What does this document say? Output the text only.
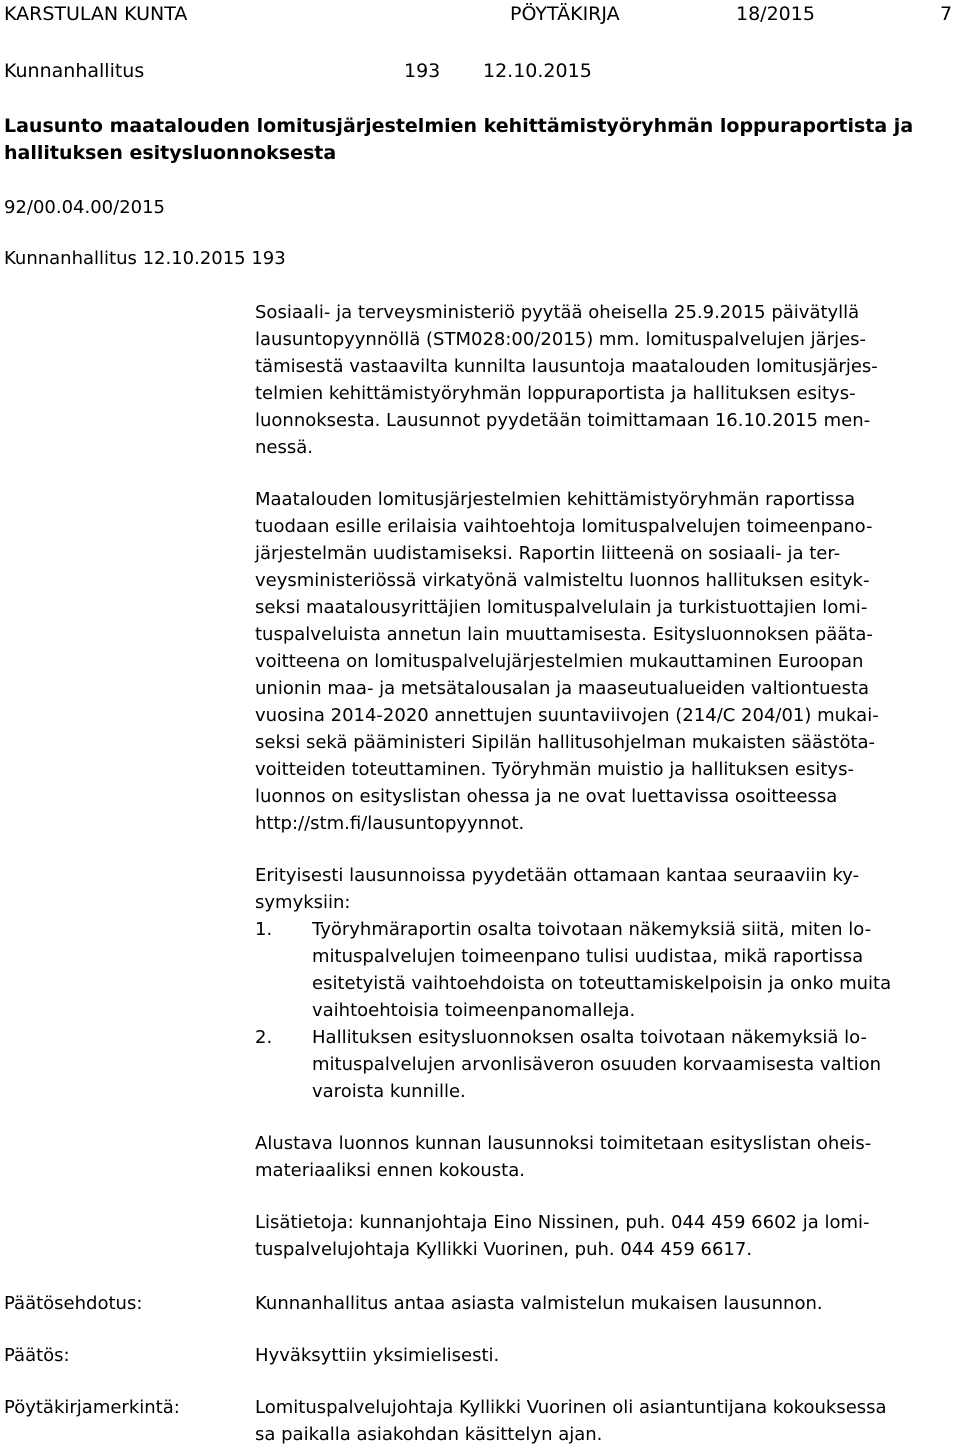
KARSTULAN KUNTA	PÖYTÄKIRJA	18/2015	7
Kunnanhallitus	193 12.10.2015
Lausunto maatalouden lomitusjärjestelmien kehittämistyöryhmän loppuraportista ja
hallituksen esitysluonnoksesta
92/00.04.00/2015
Kunnanhallitus 12.10.2015 193
Sosiaali- ja terveysministeriö pyytää oheisella 25.9.2015 päivätyllä
lausuntopyynnöllä (STM028:00/2015) mm. lomituspalvelujen järjes-
tämisestä vastaavilta kunnilta lausuntoja maatalouden lomitusjärjes-
telmien kehittämistyöryhmän loppuraportista ja hallituksen esitys-
luonnoksesta. Lausunnot pyydetään toimittamaan 16.10.2015 men-
nessä.
Maatalouden lomitusjärjestelmien kehittämistyöryhmän raportissa
tuodaan esille erilaisia vaihtoehtoja lomituspalvelujen toimeenpano-
järjestelmän uudistamiseksi. Raportin liitteenä on sosiaali- ja ter-
veysministeriössä virkatyönä valmisteltu luonnos hallituksen esityk-
seksi maatalousyrittäjien lomituspalvelulain ja turkistuottajien lomi-
tuspalveluista annetun lain muuttamisesta. Esitysluonnoksen pääta-
voitteena on lomituspalvelujärjestelmien mukauttaminen Euroopan
unionin maa- ja metsätalousalan ja maaseutualueiden valtiontuesta
vuosina 2014-2020 annettujen suuntaviivojen (214/C 204/01) mukai-
seksi sekä pääministeri Sipilän hallitusohjelman mukaisten säästöta-
voitteiden toteuttaminen. Työryhmän muistio ja hallituksen esitys-
luonnos on esityslistan ohessa ja ne ovat luettavissa osoitteessa
http://stm.fi/lausuntopyynnot.
Erityisesti lausunnoissa pyydetään ottamaan kantaa seuraaviin ky-
symyksiin:
1. Työryhmäraportin osalta toivotaan näkemyksiä siitä, miten lo-
mituspalvelujen toimeenpano tulisi uudistaa, mikä raportissa
esitetyistä vaihtoehdoista on toteuttamiskelpoisin ja onko muita
vaihtoehtoisia toimeenpanomalleja.
2. Hallituksen esitysluonnoksen osalta toivotaan näkemyksiä lo-
mituspalvelujen arvonlisäveron osuuden korvaamisesta valtion
varoista kunnille.
Alustava luonnos kunnan lausunnoksi toimitetaan esityslistan oheis-
materiaaliksi ennen kokousta.
Lisätietoja: kunnanjohtaja Eino Nissinen, puh. 044 459 6602 ja lomi-
tuspalvelujohtaja Kyllikki Vuorinen, puh. 044 459 6617.
Päätösehdotus:	Kunnanhallitus antaa asiasta valmistelun mukaisen lausunnon.
Päätös:	Hyväksyttiin yksimielisesti.
Pöytäkirjamerkintä:	Lomituspalvelujohtaja Kyllikki Vuorinen oli asiantuntijana kokouksessa
sa paikalla asiakohdan käsittelyn ajan.
